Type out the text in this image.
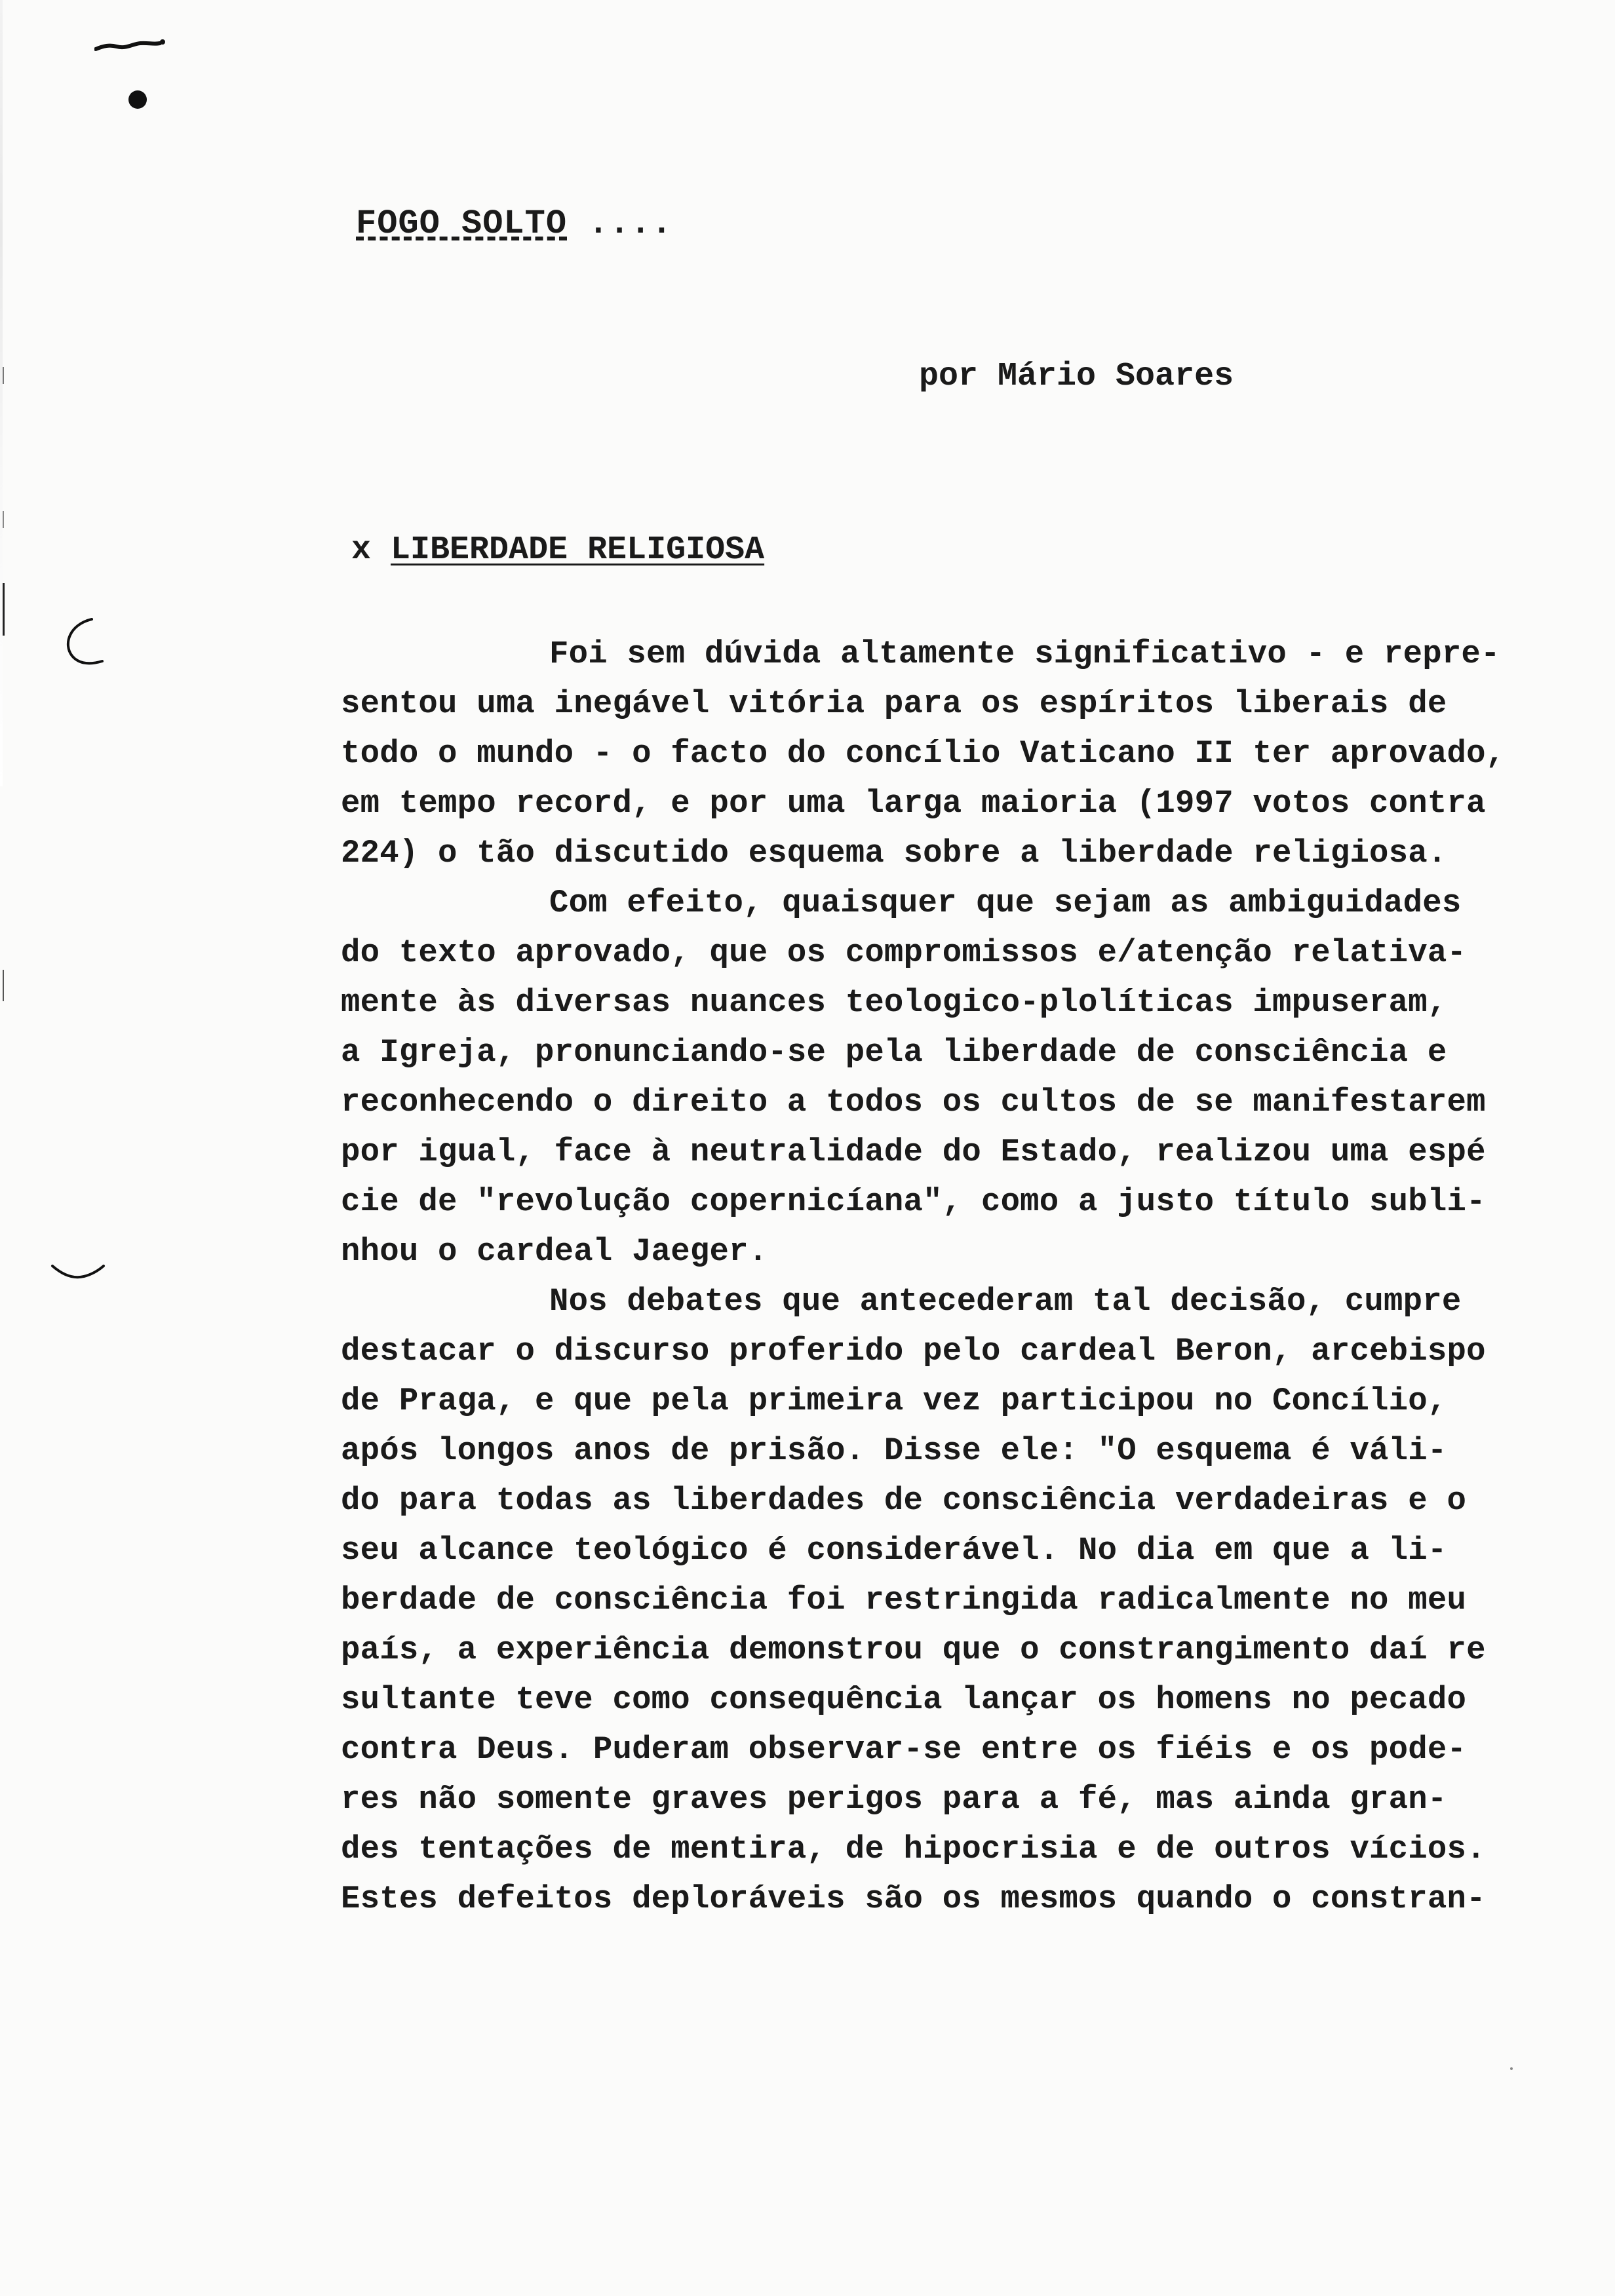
FOGO SOLTO ....
por Mário Soares
x LIBERDADE RELIGIOSA
Foi sem dúvida altamente significativo - e repre-
sentou uma inegável vitória para os espíritos liberais de
todo o mundo - o facto do concílio Vaticano II ter aprovado,
em tempo record, e por uma larga maioria (1997 votos contra
224) o tão discutido esquema sobre a liberdade religiosa.
Com efeito, quaisquer que sejam as ambiguidades
do texto aprovado, que os compromissos e/atenção relativa-
mente às diversas nuances teologico-plolíticas impuseram,
a Igreja, pronunciando-se pela liberdade de consciência e
reconhecendo o direito a todos os cultos de se manifestarem
por igual, face à neutralidade do Estado, realizou uma espé
cie de "revolução copernicíana", como a justo título subli-
nhou o cardeal Jaeger.
Nos debates que antecederam tal decisão, cumpre
destacar o discurso proferido pelo cardeal Beron, arcebispo
de Praga, e que pela primeira vez participou no Concílio,
após longos anos de prisão. Disse ele: "O esquema é váli-
do para todas as liberdades de consciência verdadeiras e o
seu alcance teológico é considerável. No dia em que a li-
berdade de consciência foi restringida radicalmente no meu
país, a experiência demonstrou que o constrangimento daí re
sultante teve como consequência lançar os homens no pecado
contra Deus. Puderam observar-se entre os fiéis e os pode-
res não somente graves perigos para a fé, mas ainda gran-
des tentações de mentira, de hipocrisia e de outros vícios.
Estes defeitos deploráveis são os mesmos quando o constran-
